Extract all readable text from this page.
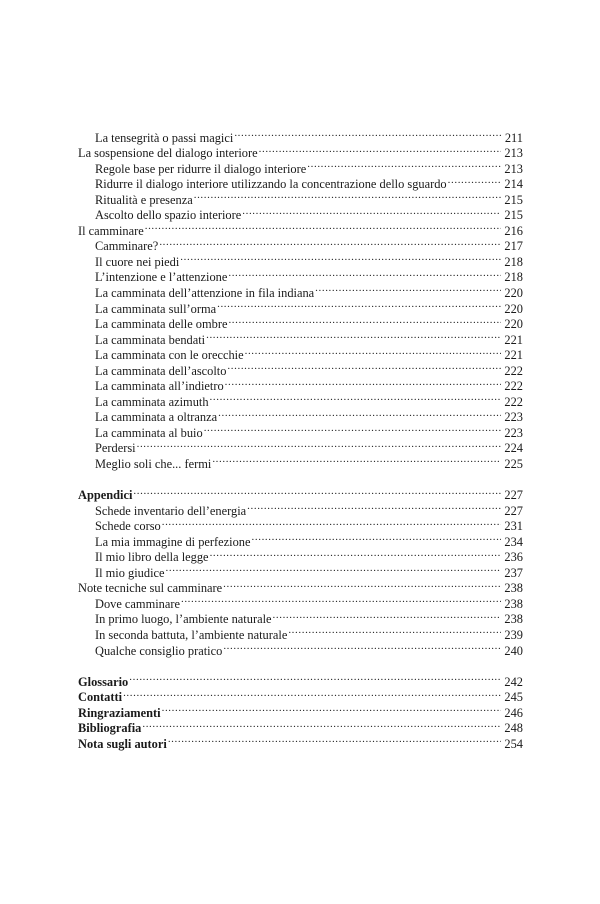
La tensegrità o passi magici .....	211
La sospensione del dialogo interiore .....	213
Regole base per ridurre il dialogo interiore .....	213
Ridurre il dialogo interiore utilizzando la concentrazione dello sguardo .....	214
Ritualità e presenza .....	215
Ascolto dello spazio interiore .....	215
Il camminare .....	216
Camminare? .....	217
Il cuore nei piedi .....	218
L’intenzione e l’attenzione .....	218
La camminata dell’attenzione in fila indiana .....	220
La camminata sull’orma .....	220
La camminata delle ombre .....	220
La camminata bendati .....	221
La camminata con le orecchie .....	221
La camminata dell’ascolto .....	222
La camminata all’indietro .....	222
La camminata azimuth .....	222
La camminata a oltranza .....	223
La camminata al buio .....	223
Perdersi .....	224
Meglio soli che... fermi .....	225
Appendici .....	227
Schede inventario dell’energia .....	227
Schede corso .....	231
La mia immagine di perfezione .....	234
Il mio libro della legge .....	236
Il mio giudice .....	237
Note tecniche sul camminare .....	238
Dove camminare .....	238
In primo luogo, l’ambiente naturale .....	238
In seconda battuta, l’ambiente naturale .....	239
Qualche consiglio pratico .....	240
Glossario .....	242
Contatti .....	245
Ringraziamenti .....	246
Bibliografia .....	248
Nota sugli autori .....	254
